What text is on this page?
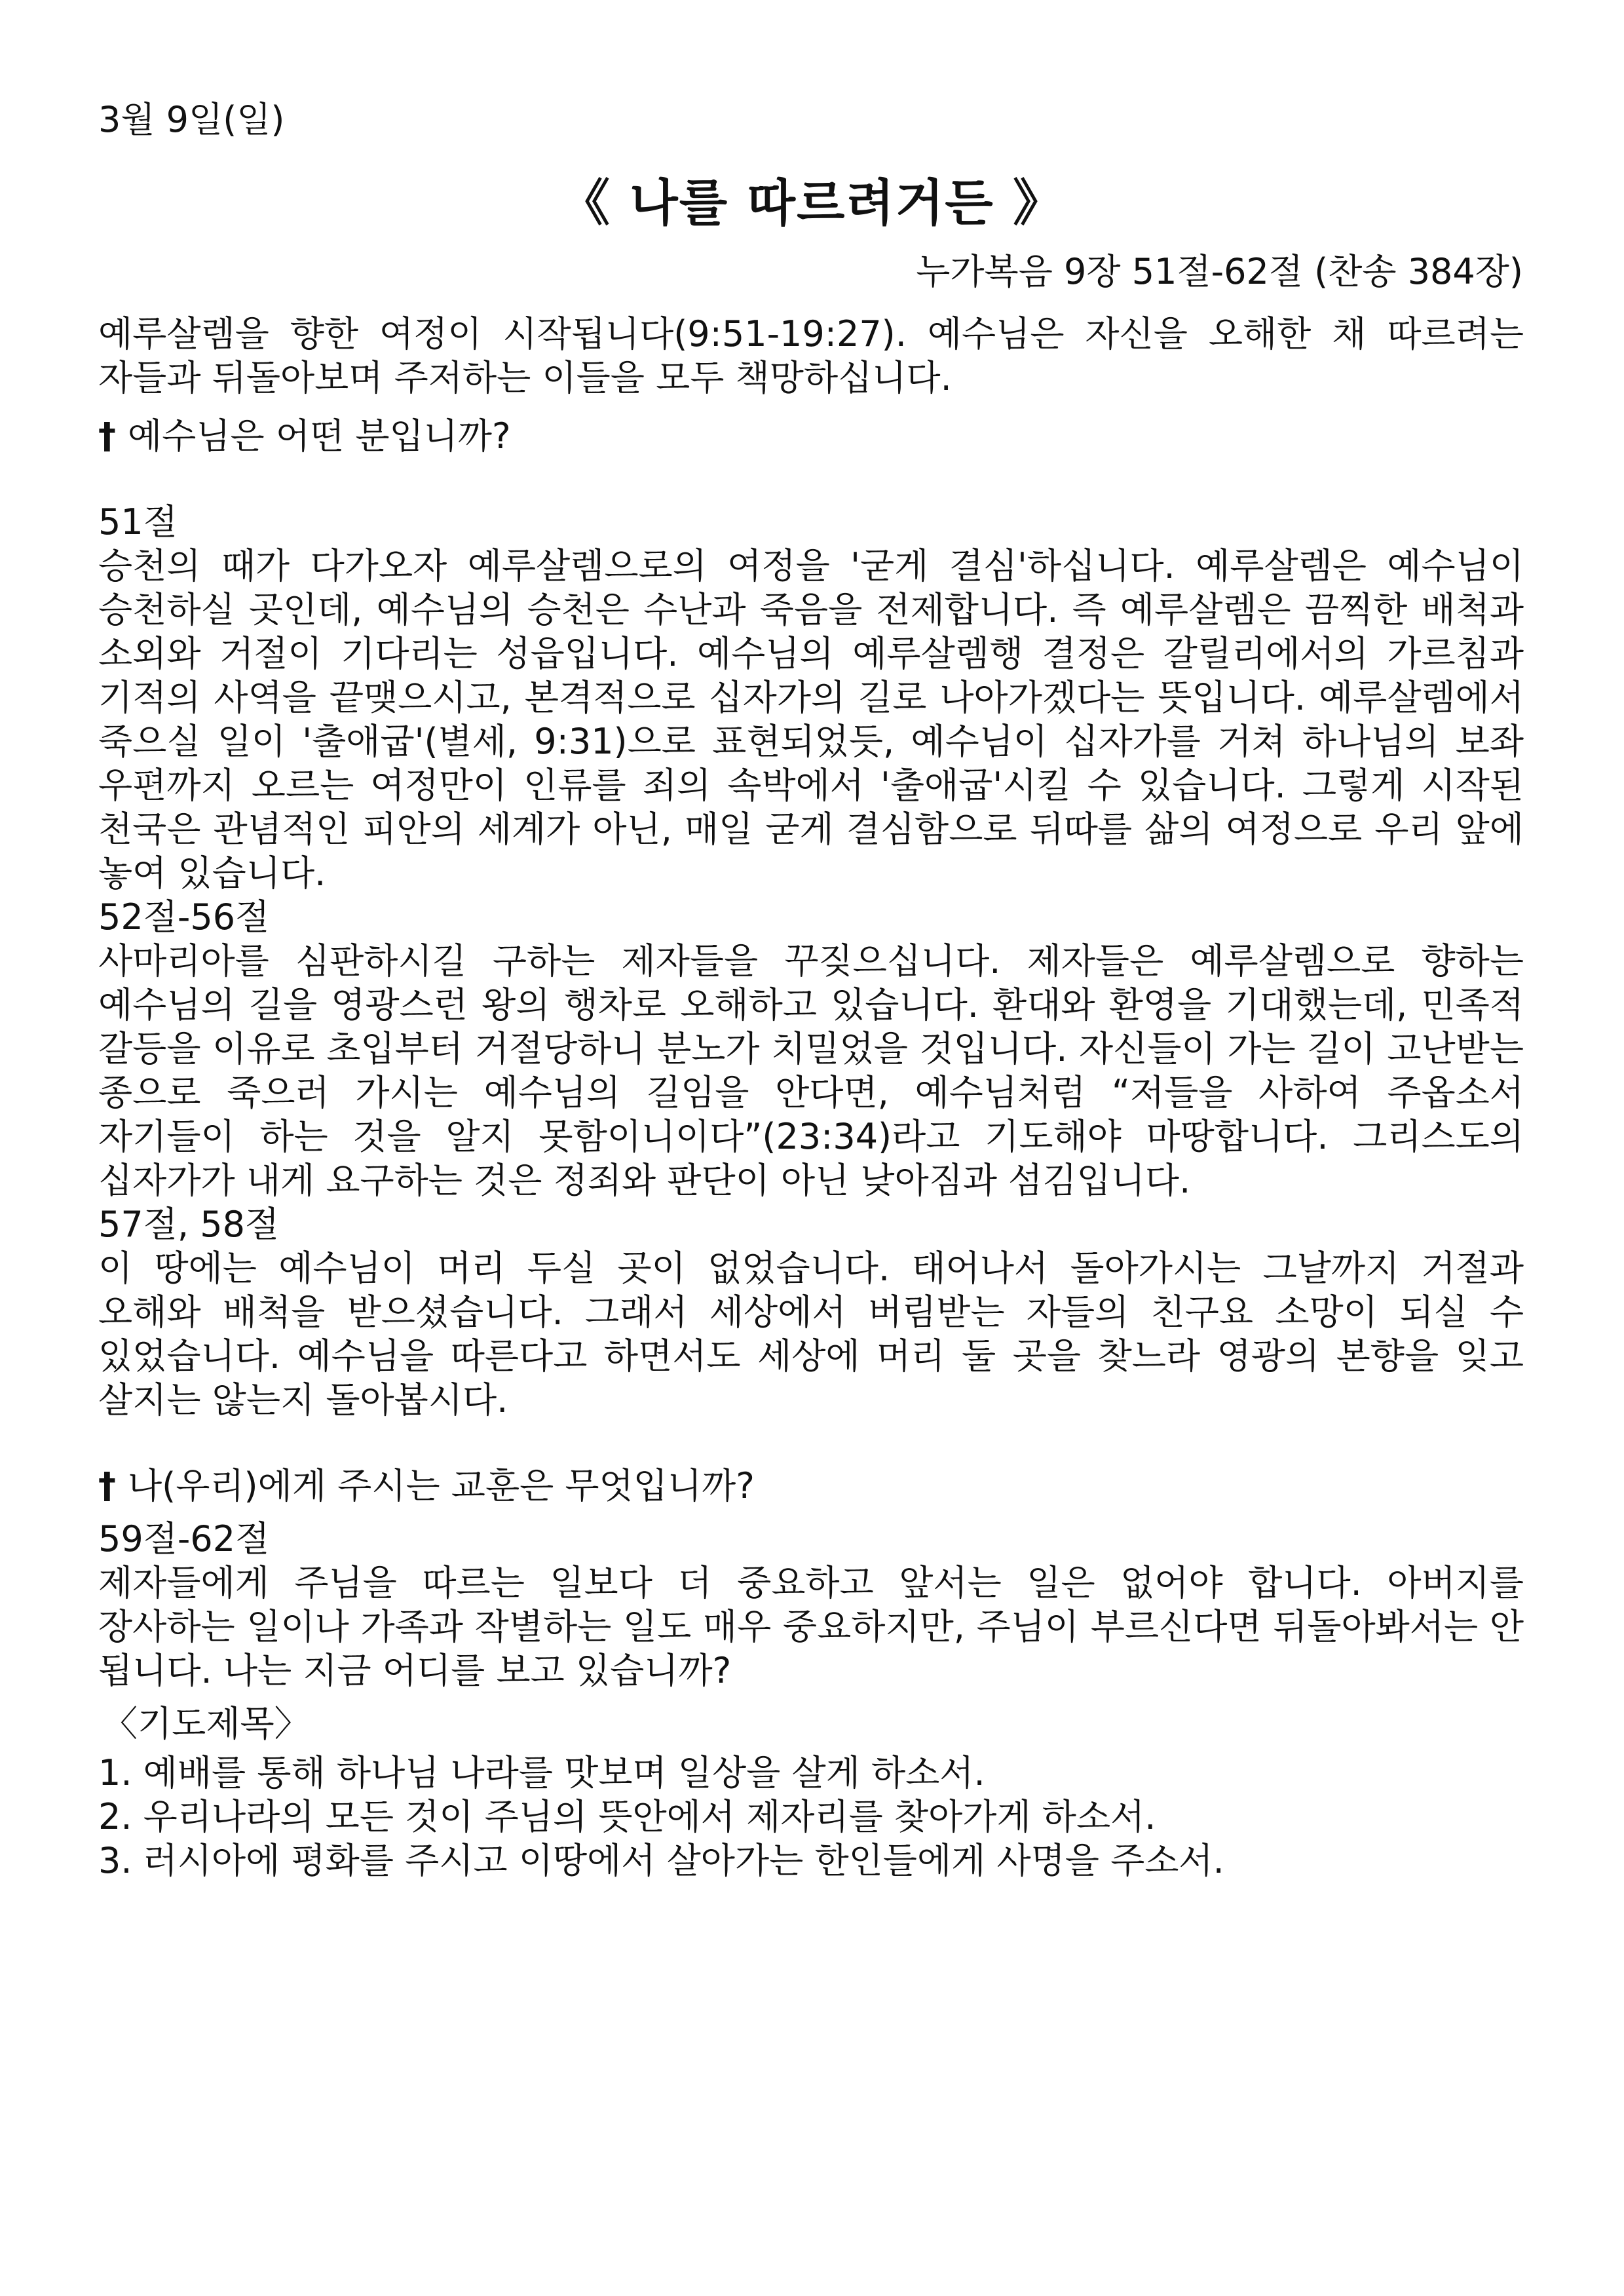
3월 9일(일)
《 나를 따르려거든 》
누가복음 9장 51절-62절 (찬송 384장)

예루살렘을 향한 여정이 시작됩니다(9:51-19:27). 예수님은 자신을 오해한 채 따르려는 자들과 뒤돌아보며 주저하는 이들을 모두 책망하십니다.

† 예수님은 어떤 분입니까?
51절

승천의 때가 다가오자 예루살렘으로의 여정을 '굳게 결심'하십니다. 예루살렘은 예수님이 승천하실 곳인데, 예수님의 승천은 수난과 죽음을 전제합니다. 즉 예루살렘은 끔찍한 배척과 소외와 거절이 기다리는 성읍입니다. 예수님의 예루살렘행 결정은 갈릴리에서의 가르침과 기적의 사역을 끝맺으시고, 본격적으로 십자가의 길로 나아가겠다는 뜻입니다. 예루살렘에서 죽으실 일이 '출애굽'(별세, 9:31)으로 표현되었듯, 예수님이 십자가를 거쳐 하나님의 보좌 우편까지 오르는 여정만이 인류를 죄의 속박에서 '출애굽'시킬 수 있습니다. 그렇게 시작된 천국은 관념적인 피안의 세계가 아닌, 매일 굳게 결심함으로 뒤따를 삶의 여정으로 우리 앞에 놓여 있습니다.

52절-56절

사마리아를 심판하시길 구하는 제자들을 꾸짖으십니다. 제자들은 예루살렘으로 향하는 예수님의 길을 영광스런 왕의 행차로 오해하고 있습니다. 환대와 환영을 기대했는데, 민족적 갈등을 이유로 초입부터 거절당하니 분노가 치밀었을 것입니다. 자신들이 가는 길이 고난받는 종으로 죽으러 가시는 예수님의 길임을 안다면, 예수님처럼 “저들을 사하여 주옵소서 자기들이 하는 것을 알지 못함이니이다”(23:34)라고 기도해야 마땅합니다. 그리스도의 십자가가 내게 요구하는 것은 정죄와 판단이 아닌 낮아짐과 섬김입니다.

57절, 58절

이 땅에는 예수님이 머리 두실 곳이 없었습니다. 태어나서 돌아가시는 그날까지 거절과 오해와 배척을 받으셨습니다. 그래서 세상에서 버림받는 자들의 친구요 소망이 되실 수 있었습니다. 예수님을 따른다고 하면서도 세상에 머리 둘 곳을 찾느라 영광의 본향을 잊고 살지는 않는지 돌아봅시다.

† 나(우리)에게 주시는 교훈은 무엇입니까?
59절-62절

제자들에게 주님을 따르는 일보다 더 중요하고 앞서는 일은 없어야 합니다. 아버지를 장사하는 일이나 가족과 작별하는 일도 매우 중요하지만, 주님이 부르신다면 뒤돌아봐서는 안 됩니다. 나는 지금 어디를 보고 있습니까?

〈기도제목〉
1. 예배를 통해 하나님 나라를 맛보며 일상을 살게 하소서.
2. 우리나라의 모든 것이 주님의 뜻안에서 제자리를 찾아가게 하소서.
3. 러시아에 평화를 주시고 이땅에서 살아가는 한인들에게 사명을 주소서.
